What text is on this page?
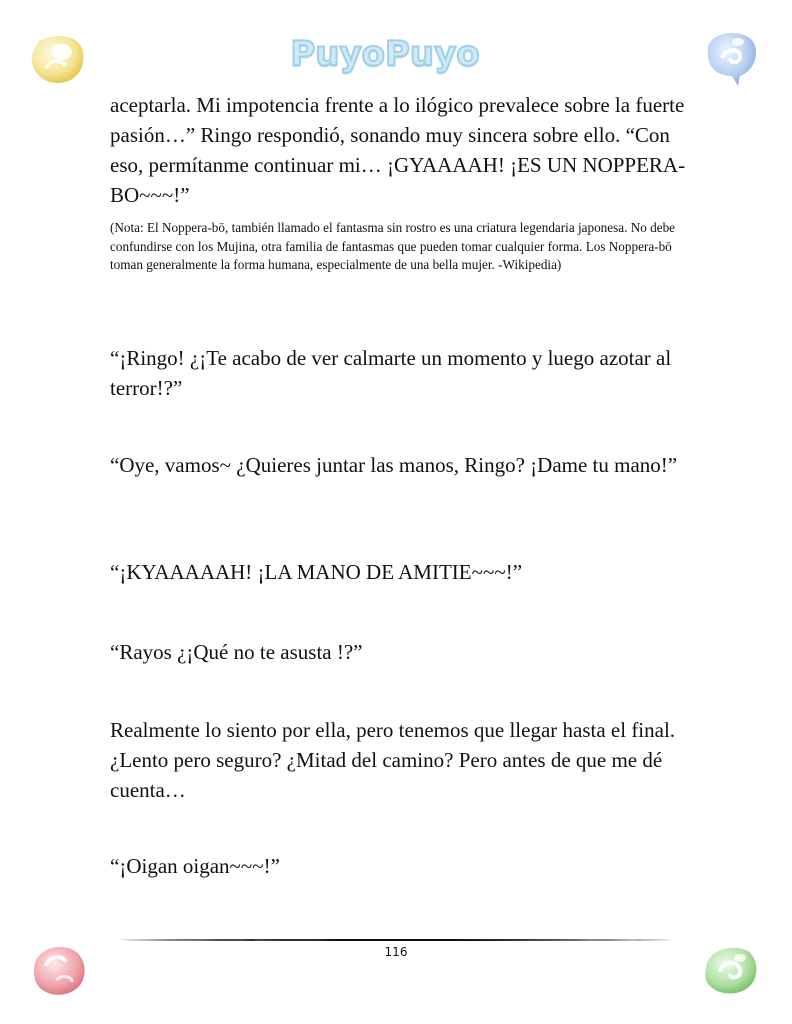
PuyoPuyo

aceptarla. Mi impotencia frente a lo ilógico prevalece sobre la fuerte pasión…” Ringo respondió, sonando muy sincera sobre ello. “Con eso, permítanme continuar mi… ¡GYAAAAH! ¡ES UN NOPPERA-BO~~~!”

(Nota: El Noppera-bō, también llamado el fantasma sin rostro es una criatura legendaria japonesa. No debe confundirse con los Mujina, otra familia de fantasmas que pueden tomar cualquier forma. Los Noppera-bō toman generalmente la forma humana, especialmente de una bella mujer. -Wikipedia)

“¡Ringo! ¿¡Te acabo de ver calmarte un momento y luego azotar al terror!?”

“Oye, vamos~ ¿Quieres juntar las manos, Ringo? ¡Dame tu mano!”

“¡KYAAAAAH! ¡LA MANO DE AMITIE~~~!”

“Rayos ¿¡Qué no te asusta !?”

Realmente lo siento por ella, pero tenemos que llegar hasta el final. ¿Lento pero seguro? ¿Mitad del camino? Pero antes de que me dé cuenta…

“¡Oigan oigan~~~!”

116
